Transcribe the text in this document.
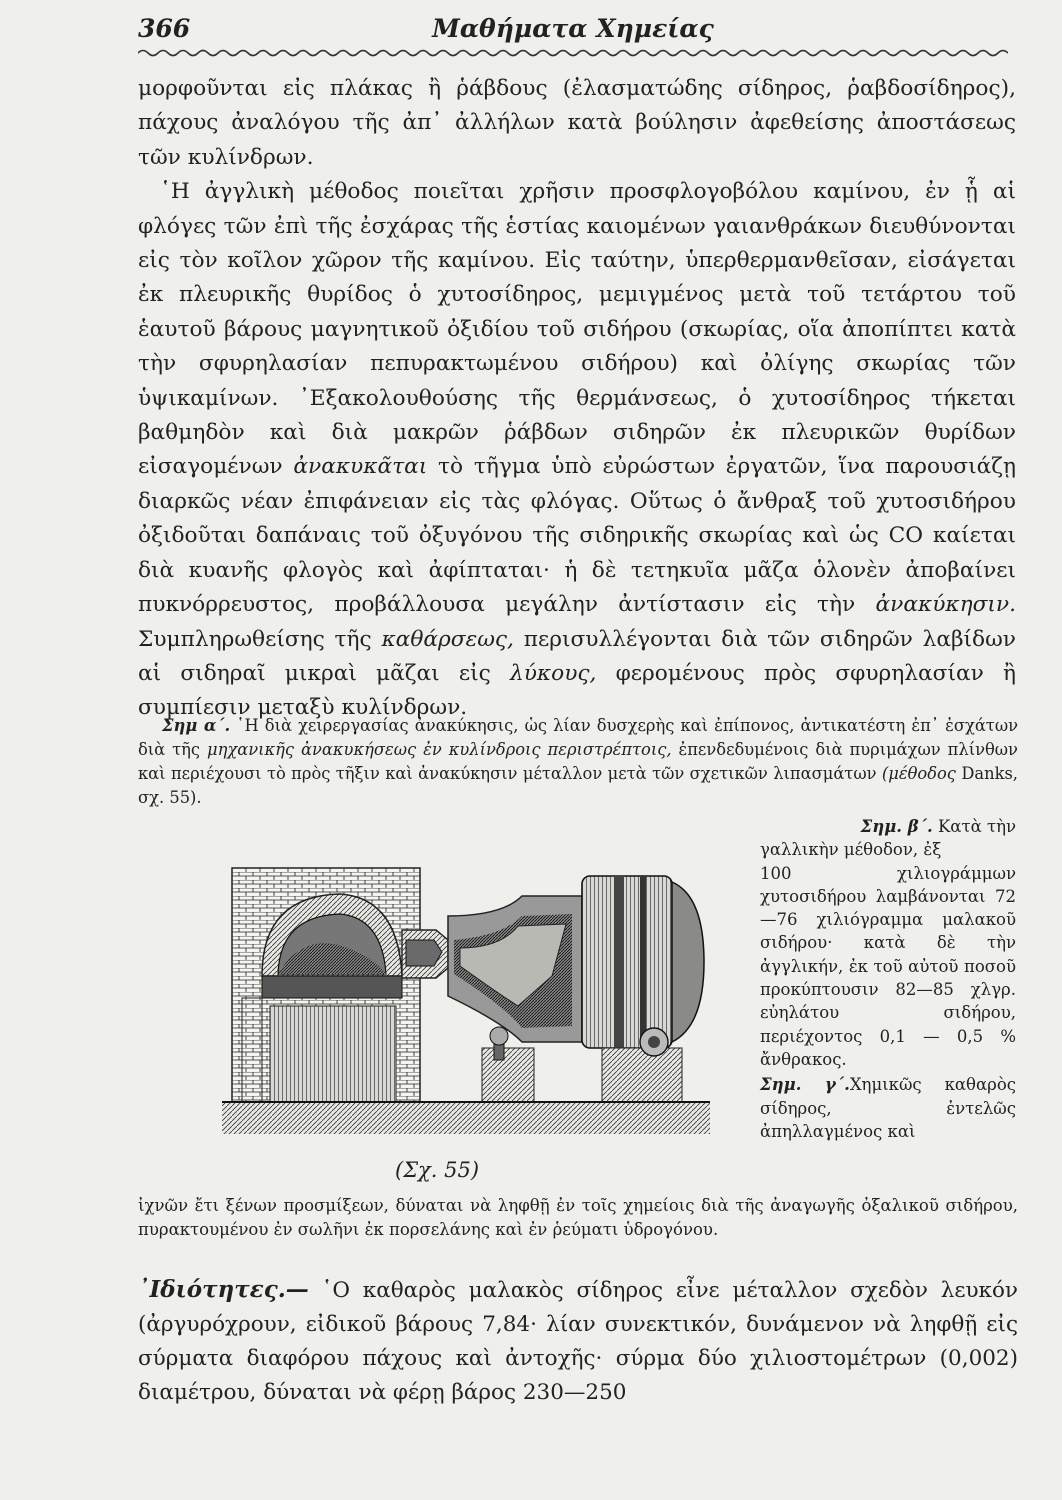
366	Μαθήματα Χημείας

μορφοῦνται εἰς πλάκας ἢ ῥάβδους (ἐλασματώδης σίδηρος, ῥαβδοσίδηρος), πάχους ἀναλόγου τῆς ἀπ᾽ ἀλλήλων κατὰ βούλησιν ἀφεθείσης ἀποστάσεως τῶν κυλίνδρων.

῾Η ἀγγλικὴ μέθοδος ποιεῖται χρῆσιν προσφλογοβόλου καμίνου, ἐν ᾗ αἱ φλόγες τῶν ἐπὶ τῆς ἐσχάρας τῆς ἑστίας καιομένων γαιανθράκων διευθύνονται εἰς τὸν κοῖλον χῶρον τῆς καμίνου. Εἰς ταύτην, ὑπερθερμανθεῖσαν, εἰσάγεται ἐκ πλευρικῆς θυρίδος ὁ χυτοσίδηρος, μεμιγμένος μετὰ τοῦ τετάρτου τοῦ ἑαυτοῦ βάρους μαγνητικοῦ ὀξιδίου τοῦ σιδήρου (σκωρίας, οἵα ἀποπίπτει κατὰ τὴν σφυρηλασίαν πεπυρακτωμένου σιδήρου) καὶ ὀλίγης σκωρίας τῶν ὑψικαμίνων. ᾿Εξακολουθούσης τῆς θερμάνσεως, ὁ χυτοσίδηρος τήκεται βαθμηδὸν καὶ διὰ μακρῶν ῥάβδων σιδηρῶν ἐκ πλευρικῶν θυρίδων εἰσαγομένων ἀνακυκᾶται τὸ τῆγμα ὑπὸ εὐρώστων ἐργατῶν, ἵνα παρουσιάζῃ διαρκῶς νέαν ἐπιφάνειαν εἰς τὰς φλόγας. Οὕτως ὁ ἄνθραξ τοῦ χυτοσιδήρου ὀξιδοῦται δαπάναις τοῦ ὀξυγόνου τῆς σιδηρικῆς σκωρίας καὶ ὡς CO καίεται διὰ κυανῆς φλογὸς καὶ ἀφίπταται· ἡ δὲ τετηκυῖα μᾶζα ὁλονὲν ἀποβαίνει πυκνόρρευστος, προβάλλουσα μεγάλην ἀντίστασιν εἰς τὴν ἀνακύκησιν. Συμπληρωθείσης τῆς καθάρσεως, περισυλλέγονται διὰ τῶν σιδηρῶν λαβίδων αἱ σιδηραῖ μικραὶ μᾶζαι εἰς λύκους, φερομένους πρὸς σφυρηλασίαν ἢ συμπίεσιν μεταξὺ κυλίνδρων.

Σημ α΄. ῾Η διὰ χειρεργασίας ἀνακύκησις, ὡς λίαν δυσχερὴς καὶ ἐπίπονος, ἀντικατέστη ἐπ᾽ ἐσχάτων διὰ τῆς μηχανικῆς ἀνακυκήσεως ἐν κυλίνδροις περιστρέπτοις, ἐπενδεδυμένοις διὰ πυριμάχων πλίνθων καὶ περιέχουσι τὸ πρὸς τῆξιν καὶ ἀνακύκησιν μέταλλον μετὰ τῶν σχετικῶν λιπασμάτων (μέθοδος Danks, σχ. 55).
(Σχ. 55)
Σημ. β΄. Κατὰ τὴν
γαλλικὴν μέθοδον, ἐξ
100 χιλιογράμμων χυτοσιδήρου λαμβάνονται 72—76 χιλιόγραμμα μαλακοῦ σιδήρου· κατὰ δὲ τὴν ἀγγλικήν, ἐκ τοῦ αὐτοῦ ποσοῦ προκύπτουσιν 82—85 χλγρ. εὐηλάτου σιδήρου, περιέχοντος 0,1 — 0,5 % ἄνθρακος.
Σημ. γ΄.Χημικῶς καθαρὸς σίδηρος, ἐντελῶς ἀπηλλαγμένος καὶ
ἰχνῶν ἔτι ξένων προσμίξεων, δύναται νὰ ληφθῇ ἐν τοῖς χημείοις διὰ τῆς ἀναγωγῆς ὀξαλικοῦ σιδήρου, πυρακτουμένου ἐν σωλῆνι ἐκ πορσελάνης καὶ ἐν ῥεύματι ὑδρογόνου.
᾿Ιδιότητες.— ῾Ο καθαρὸς μαλακὸς σίδηρος εἶνε μέταλλον σχεδὸν λευκόν (ἀργυρόχρουν, εἰδικοῦ βάρους 7,84· λίαν συνεκτικόν, δυνάμενον νὰ ληφθῇ εἰς σύρματα διαφόρου πάχους καὶ ἀντοχῆς· σύρμα δύο χιλιοστομέτρων (0,002) διαμέτρου, δύναται νὰ φέρῃ βάρος 230—250
